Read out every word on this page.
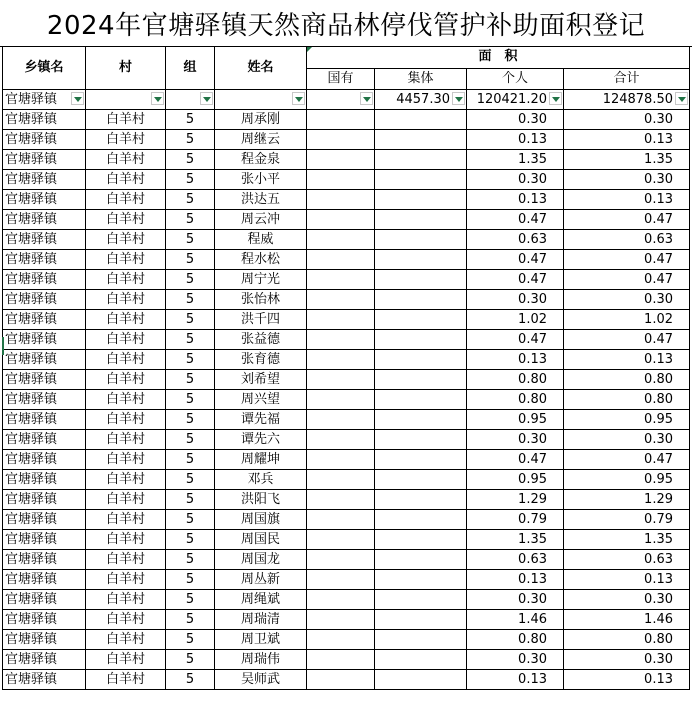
2024年官塘驿镇天然商品林停伐管护补助面积登记
乡镇名	村	组	姓名	面　积			
				国有	集体	个人	合计

官塘驿镇					4457.30	120421.20	124878.50

官塘驿镇	白羊村	5	周承刚			0.30	0.30
官塘驿镇	白羊村	5	周继云			0.13	0.13
官塘驿镇	白羊村	5	程金泉			1.35	1.35
官塘驿镇	白羊村	5	张小平			0.30	0.30
官塘驿镇	白羊村	5	洪达五			0.13	0.13
官塘驿镇	白羊村	5	周云冲			0.47	0.47
官塘驿镇	白羊村	5	程威			0.63	0.63
官塘驿镇	白羊村	5	程水松			0.47	0.47
官塘驿镇	白羊村	5	周宁光			0.47	0.47
官塘驿镇	白羊村	5	张怡林			0.30	0.30
官塘驿镇	白羊村	5	洪千四			1.02	1.02
官塘驿镇	白羊村	5	张益德			0.47	0.47
官塘驿镇	白羊村	5	张育德			0.13	0.13
官塘驿镇	白羊村	5	刘希望			0.80	0.80
官塘驿镇	白羊村	5	周兴望			0.80	0.80
官塘驿镇	白羊村	5	谭先福			0.95	0.95
官塘驿镇	白羊村	5	谭先六			0.30	0.30
官塘驿镇	白羊村	5	周耀坤			0.47	0.47
官塘驿镇	白羊村	5	邓兵			0.95	0.95
官塘驿镇	白羊村	5	洪阳飞			1.29	1.29
官塘驿镇	白羊村	5	周国旗			0.79	0.79
官塘驿镇	白羊村	5	周国民			1.35	1.35
官塘驿镇	白羊村	5	周国龙			0.63	0.63
官塘驿镇	白羊村	5	周丛新			0.13	0.13
官塘驿镇	白羊村	5	周绳斌			0.30	0.30
官塘驿镇	白羊村	5	周瑞清			1.46	1.46
官塘驿镇	白羊村	5	周卫斌			0.80	0.80
官塘驿镇	白羊村	5	周瑞伟			0.30	0.30
官塘驿镇	白羊村	5	吴师武			0.13	0.13
